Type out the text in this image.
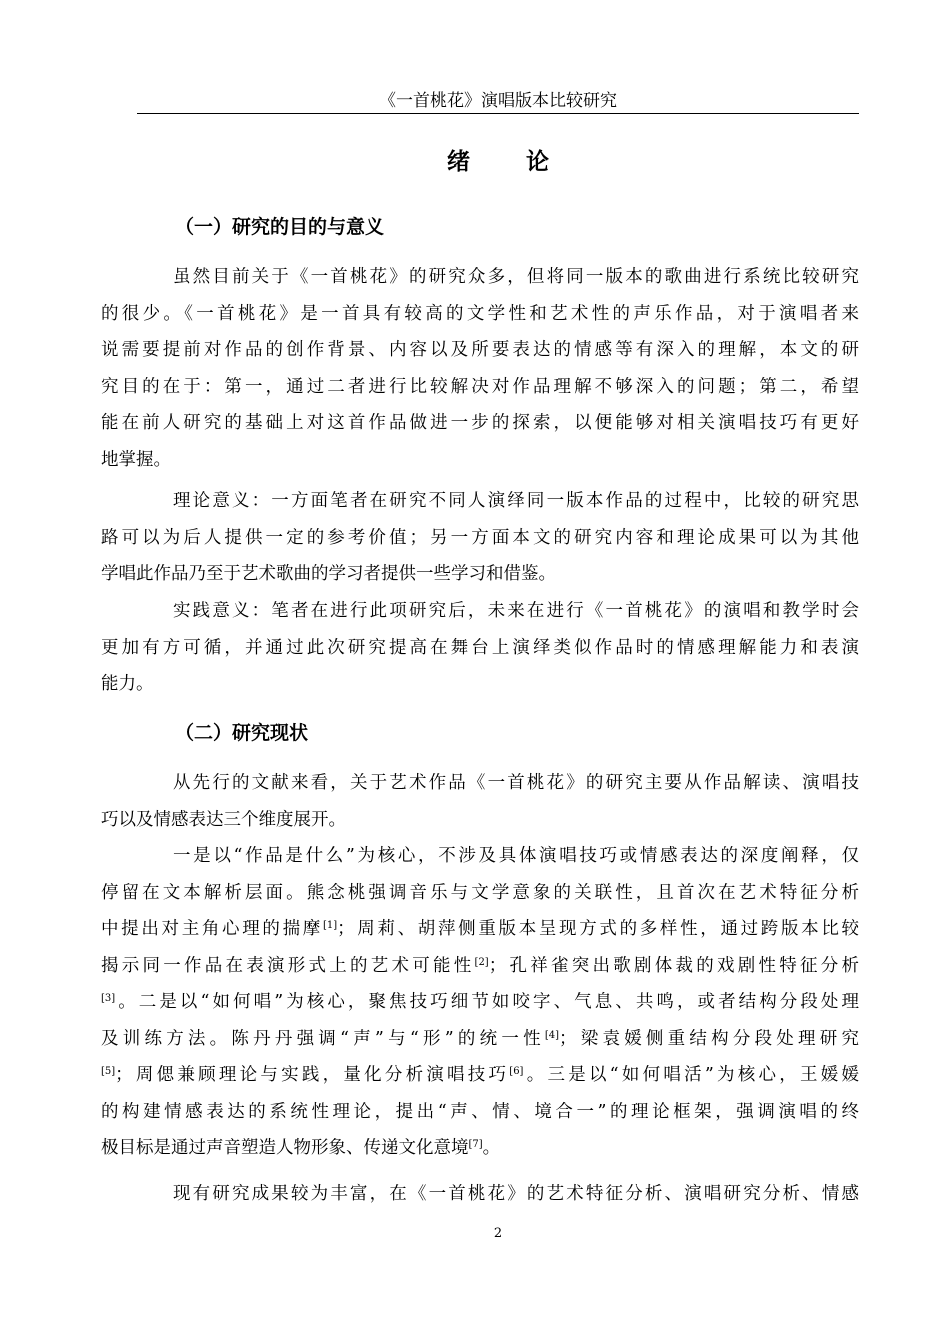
《一首桃花》演唱版本比较研究
绪论
（一）研究的目的与意义
虽然目前关于《一首桃花》的研究众多，但将同一版本的歌曲进行系统比较研究
的很少。《一首桃花》是一首具有较高的文学性和艺术性的声乐作品，对于演唱者来
说需要提前对作品的创作背景、内容以及所要表达的情感等有深入的理解，本文的研
究目的在于：第一，通过二者进行比较解决对作品理解不够深入的问题；第二，希望
能在前人研究的基础上对这首作品做进一步的探索，以便能够对相关演唱技巧有更好
地掌握。
理论意义：一方面笔者在研究不同人演绎同一版本作品的过程中，比较的研究思
路可以为后人提供一定的参考价值；另一方面本文的研究内容和理论成果可以为其他
学唱此作品乃至于艺术歌曲的学习者提供一些学习和借鉴。
实践意义：笔者在进行此项研究后，未来在进行《一首桃花》的演唱和教学时会
更加有方可循，并通过此次研究提高在舞台上演绎类似作品时的情感理解能力和表演
能力。
（二）研究现状
从先行的文献来看，关于艺术作品《一首桃花》的研究主要从作品解读、演唱技
巧以及情感表达三个维度展开。
一是以“作品是什么”为核心，不涉及具体演唱技巧或情感表达的深度阐释，仅
停留在文本解析层面。熊念桃强调音乐与文学意象的关联性，且首次在艺术特征分析
中提出对主角心理的揣摩[1]；周莉、胡萍侧重版本呈现方式的多样性，通过跨版本比较
揭示同一作品在表演形式上的艺术可能性[2]；孔祥雀突出歌剧体裁的戏剧性特征分析
[3]。二是以“如何唱”为核心，聚焦技巧细节如咬字、气息、共鸣，或者结构分段处理
及训练方法。陈丹丹强调“声”与“形”的统一性[4]；梁袁媛侧重结构分段处理研究
[5]；周偲兼顾理论与实践，量化分析演唱技巧[6]。三是以“如何唱活”为核心，王媛媛
的构建情感表达的系统性理论，提出“声、情、境合一”的理论框架，强调演唱的终
极目标是通过声音塑造人物形象、传递文化意境[7]。
现有研究成果较为丰富，在《一首桃花》的艺术特征分析、演唱研究分析、情感
2
